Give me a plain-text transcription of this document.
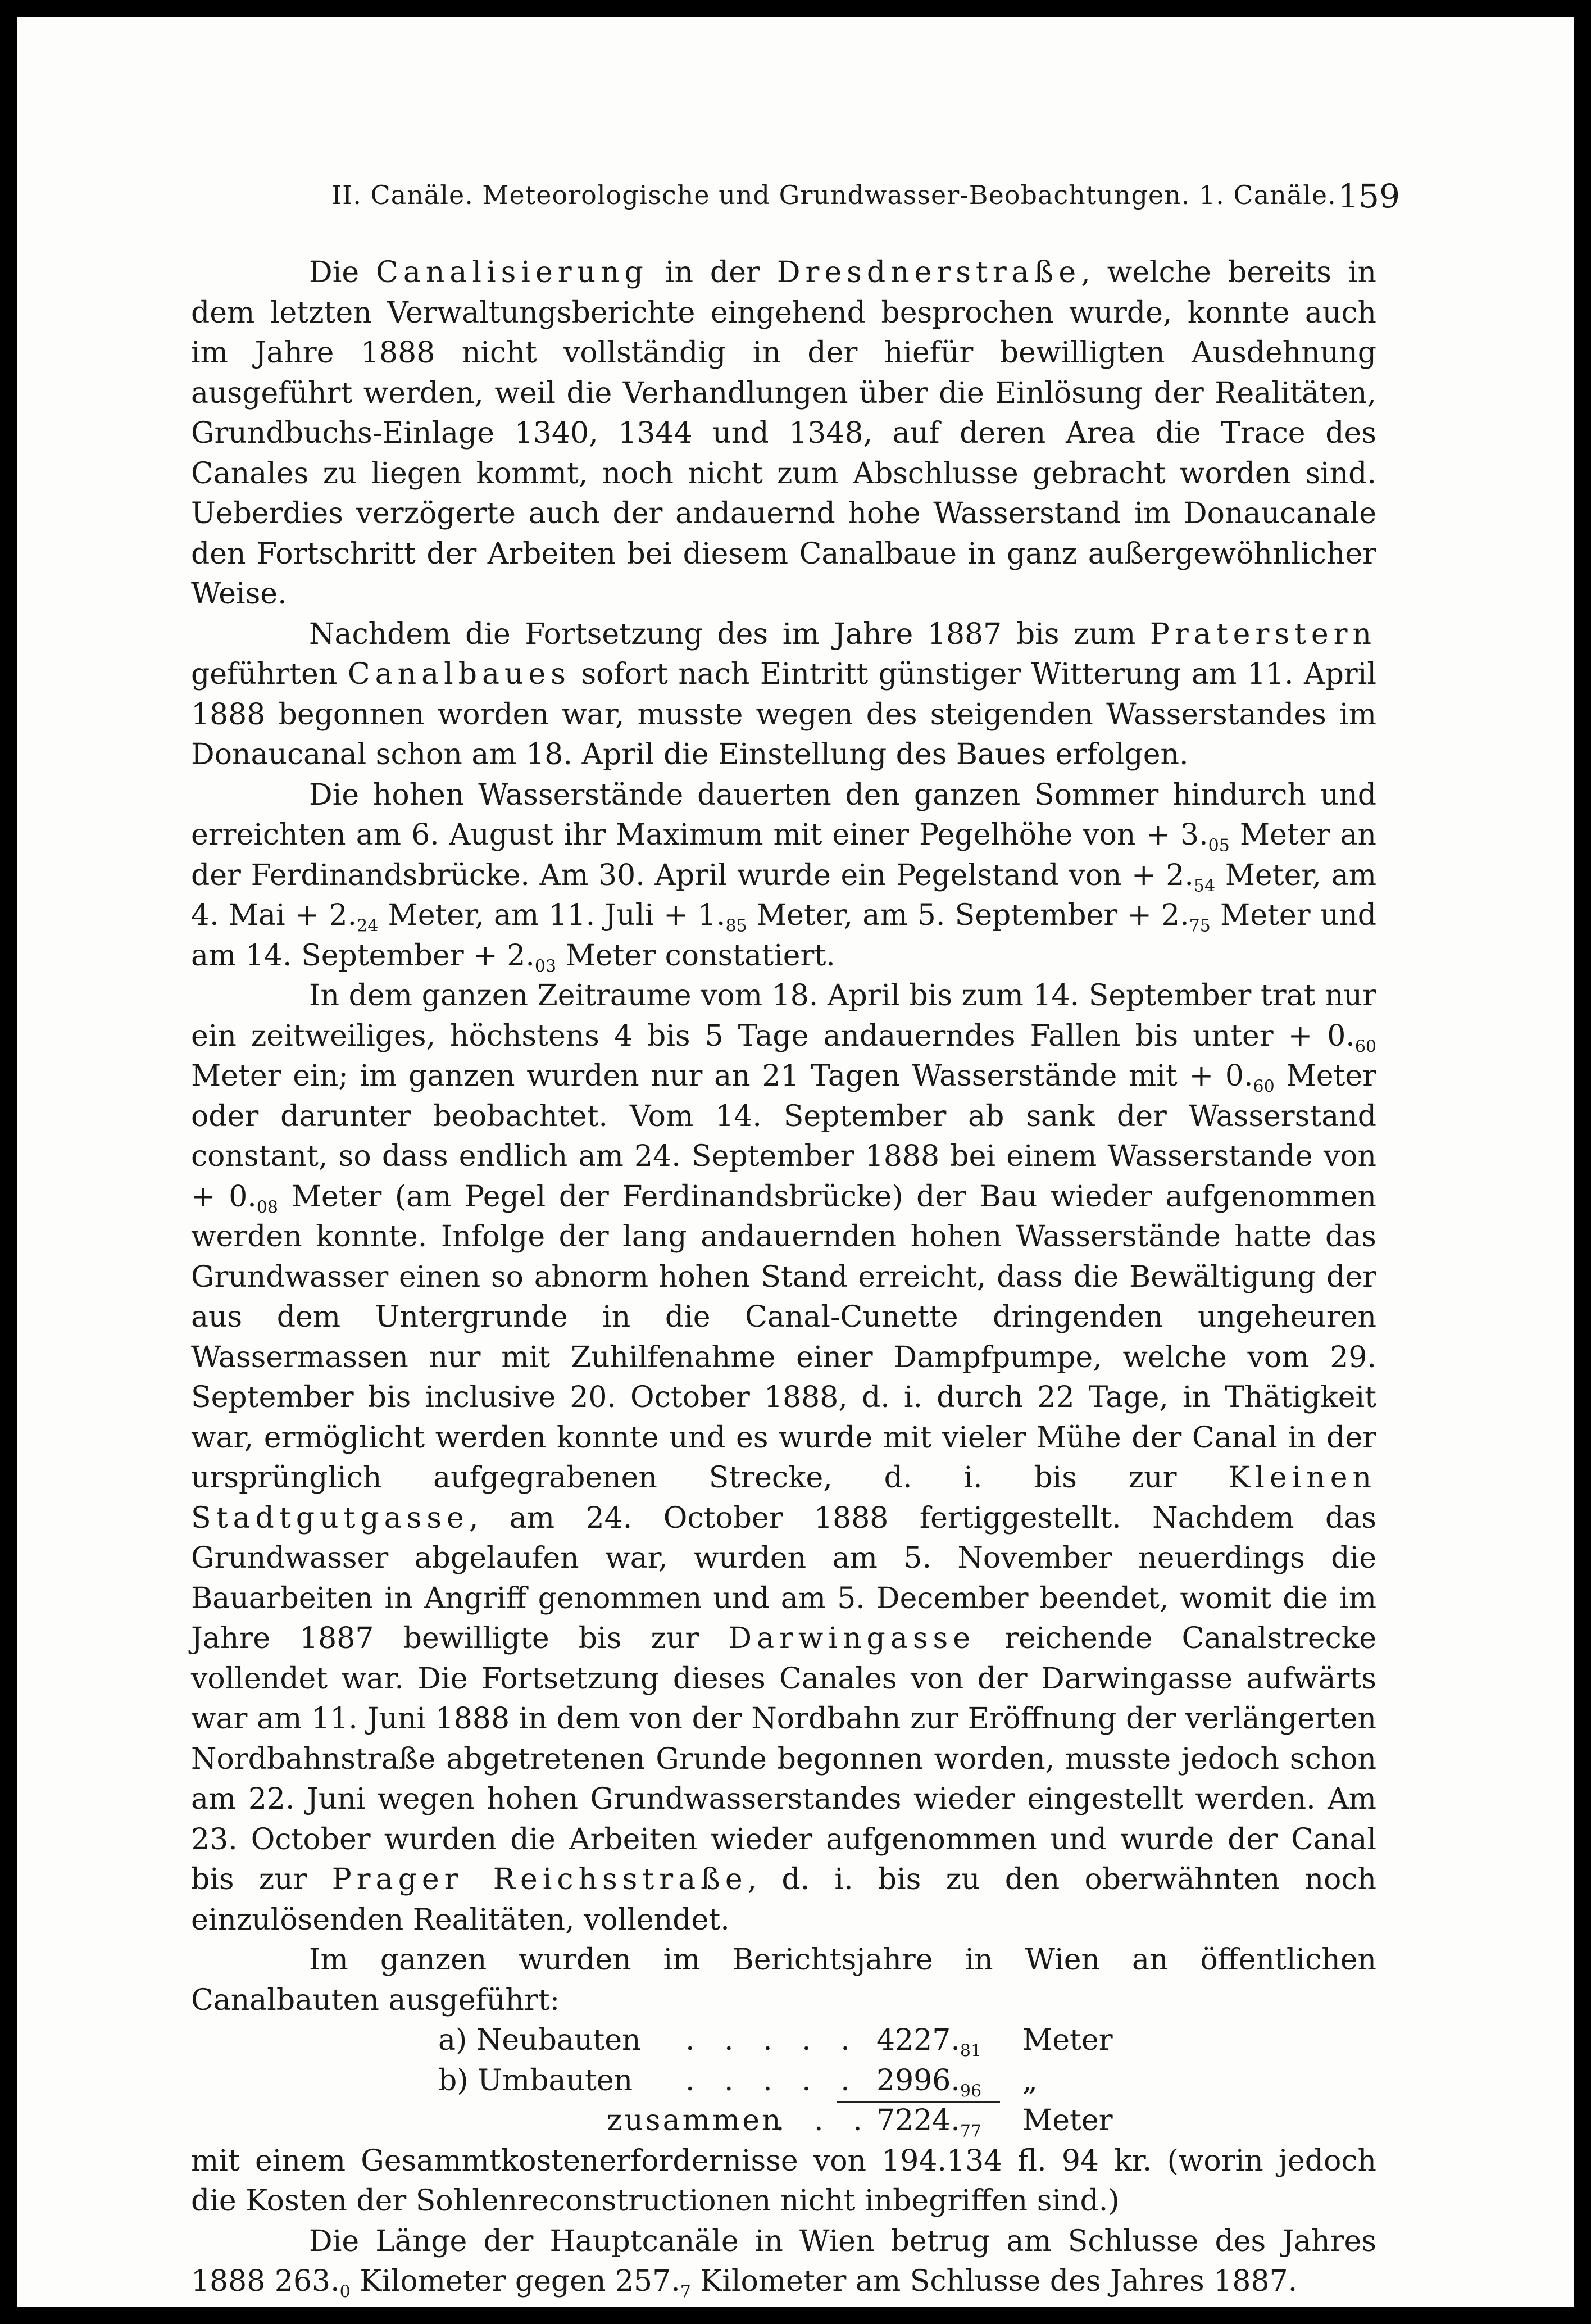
II. Canäle. Meteorologische und Grundwasser-Beobachtungen. 1. Canäle. 159

Die Canalisierung in der Dresdnerstraße, welche bereits in dem letzten Verwaltungsberichte eingehend besprochen wurde, konnte auch im Jahre 1888 nicht vollständig in der hiefür bewilligten Ausdehnung ausgeführt werden, weil die Verhandlungen über die Einlösung der Realitäten, Grundbuchs-Einlage 1340, 1344 und 1348, auf deren Area die Trace des Canales zu liegen kommt, noch nicht zum Abschlusse gebracht worden sind. Ueberdies verzögerte auch der andauernd hohe Wasserstand im Donaucanale den Fortschritt der Arbeiten bei diesem Canalbaue in ganz außergewöhnlicher Weise.

Nachdem die Fortsetzung des im Jahre 1887 bis zum Praterstern geführten Canalbaues sofort nach Eintritt günstiger Witterung am 11. April 1888 begonnen worden war, musste wegen des steigenden Wasserstandes im Donaucanal schon am 18. April die Einstellung des Baues erfolgen.

Die hohen Wasserstände dauerten den ganzen Sommer hindurch und erreichten am 6. August ihr Maximum mit einer Pegelhöhe von + $3._{05}$ Meter an der Ferdinandsbrücke. Am 30. April wurde ein Pegelstand von + $2._{54}$ Meter, am 4. Mai + $2._{24}$ Meter, am 11. Juli + $1._{85}$ Meter, am 5. September + $2._{75}$ Meter und am 14. September + $2._{03}$ Meter constatiert.

In dem ganzen Zeitraume vom 18. April bis zum 14. September trat nur ein zeitweiliges, höchstens 4 bis 5 Tage andauerndes Fallen bis unter + $0._{60}$ Meter ein; im ganzen wurden nur an 21 Tagen Wasserstände mit + $0._{60}$ Meter oder darunter beobachtet. Vom 14. September ab sank der Wasserstand constant, so dass endlich am 24. September 1888 bei einem Wasserstande von + $0._{08}$ Meter (am Pegel der Ferdinandsbrücke) der Bau wieder aufgenommen werden konnte. Infolge der lang andauernden hohen Wasserstände hatte das Grundwasser einen so abnorm hohen Stand erreicht, dass die Bewältigung der aus dem Untergrunde in die Canal-Cunette dringenden ungeheuren Wassermassen nur mit Zuhilfenahme einer Dampfpumpe, welche vom 29. September bis inclusive 20. October 1888, d. i. durch 22 Tage, in Thätigkeit war, ermöglicht werden konnte und es wurde mit vieler Mühe der Canal in der ursprünglich aufgegrabenen Strecke, d. i. bis zur Kleinen Stadtgutgasse, am 24. October 1888 fertiggestellt. Nachdem das Grundwasser abgelaufen war, wurden am 5. November neuerdings die Bauarbeiten in Angriff genommen und am 5. December beendet, womit die im Jahre 1887 bewilligte bis zur Darwingasse reichende Canalstrecke vollendet war. Die Fortsetzung dieses Canales von der Darwingasse aufwärts war am 11. Juni 1888 in dem von der Nordbahn zur Eröffnung der verlängerten Nordbahnstraße abgetretenen Grunde begonnen worden, musste jedoch schon am 22. Juni wegen hohen Grundwasserstandes wieder eingestellt werden. Am 23. October wurden die Arbeiten wieder aufgenommen und wurde der Canal bis zur Prager Reichsstraße, d. i. bis zu den oberwähnten noch einzulösenden Realitäten, vollendet.

Im ganzen wurden im Berichtsjahre in Wien an öffentlichen Canalbauten ausgeführt:

a) Neubauten . . . . . $4227._{81}$ Meter
b) Umbauten . . . . . $2996._{96}$ „
zusammen
. . . $7224._{77}$ Meter

mit einem Gesammtkostenerfordernisse von 194.134 fl. 94 kr. (worin jedoch die Kosten der Sohlenreconstructionen nicht inbegriffen sind.)

Die Länge der Hauptcanäle in Wien betrug am Schlusse des Jahres 1888 $263._0$ Kilometer gegen $257._7$ Kilometer am Schlusse des Jahres 1887.
